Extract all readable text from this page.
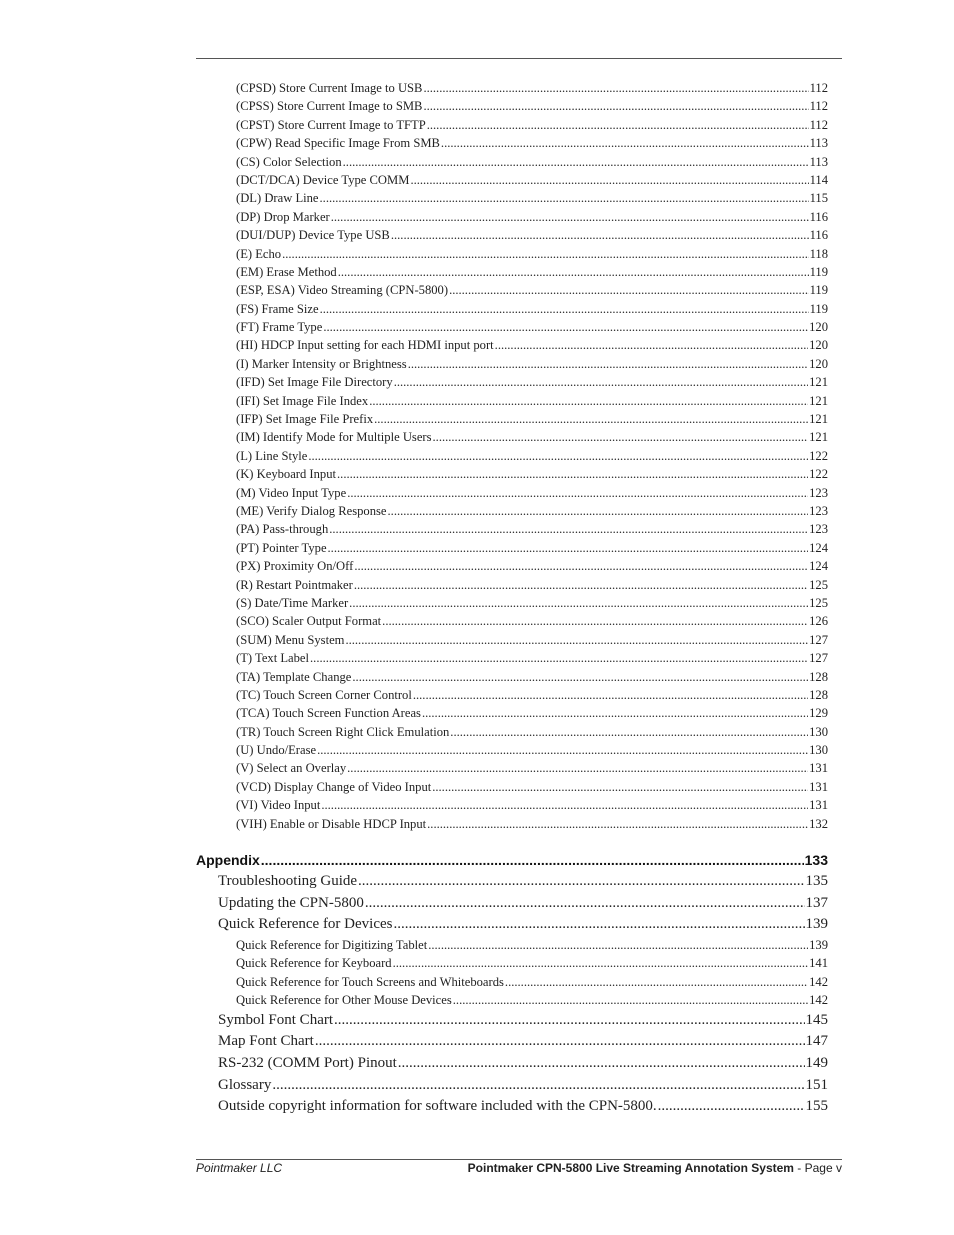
(CPSD) Store Current Image to USB .....	112
(CPSS) Store Current Image to SMB .....	112
(CPST) Store Current Image to TFTP .....	112
(CPW) Read Specific Image From SMB .....	113
(CS) Color Selection .....	113
(DCT/DCA) Device Type COMM .....	114
(DL) Draw Line .....	115
(DP) Drop Marker .....	116
(DUI/DUP) Device Type USB .....	116
(E) Echo .....	118
(EM) Erase Method .....	119
(ESP, ESA) Video Streaming (CPN-5800) .....	119
(FS) Frame Size .....	119
(FT) Frame Type .....	120
(HI) HDCP Input setting for each HDMI input port .....	120
(I) Marker Intensity or Brightness .....	120
(IFD) Set Image File Directory .....	121
(IFI) Set Image File Index .....	121
(IFP) Set Image File Prefix .....	121
(IM) Identify Mode for Multiple Users .....	121
(L) Line Style .....	122
(K) Keyboard Input .....	122
(M) Video Input Type .....	123
(ME) Verify Dialog Response .....	123
(PA) Pass-through .....	123
(PT) Pointer Type .....	124
(PX) Proximity On/Off .....	124
(R) Restart Pointmaker .....	125
(S) Date/Time Marker .....	125
(SCO) Scaler Output Format .....	126
(SUM) Menu System .....	127
(T) Text Label .....	127
(TA) Template Change .....	128
(TC) Touch Screen Corner Control .....	128
(TCA) Touch Screen Function Areas .....	129
(TR) Touch Screen Right Click Emulation .....	130
(U) Undo/Erase .....	130
(V) Select an Overlay .....	131
(VCD) Display Change of Video Input .....	131
(VI) Video Input .....	131
(VIH) Enable or Disable HDCP Input .....	132
Appendix .....	133
Troubleshooting Guide .....	135
Updating the CPN-5800 .....	137
Quick Reference for Devices .....	139
Quick Reference for Digitizing Tablet .....	139
Quick Reference for Keyboard .....	141
Quick Reference for Touch Screens and Whiteboards .....	142
Quick Reference for Other Mouse Devices .....	142
Symbol Font Chart .....	145
Map Font Chart .....	147
RS-232 (COMM Port) Pinout .....	149
Glossary .....	151
Outside copyright information for software included with the CPN-5800. .....	155
Pointmaker LLC	Pointmaker CPN-5800 Live Streaming Annotation System - Page v
